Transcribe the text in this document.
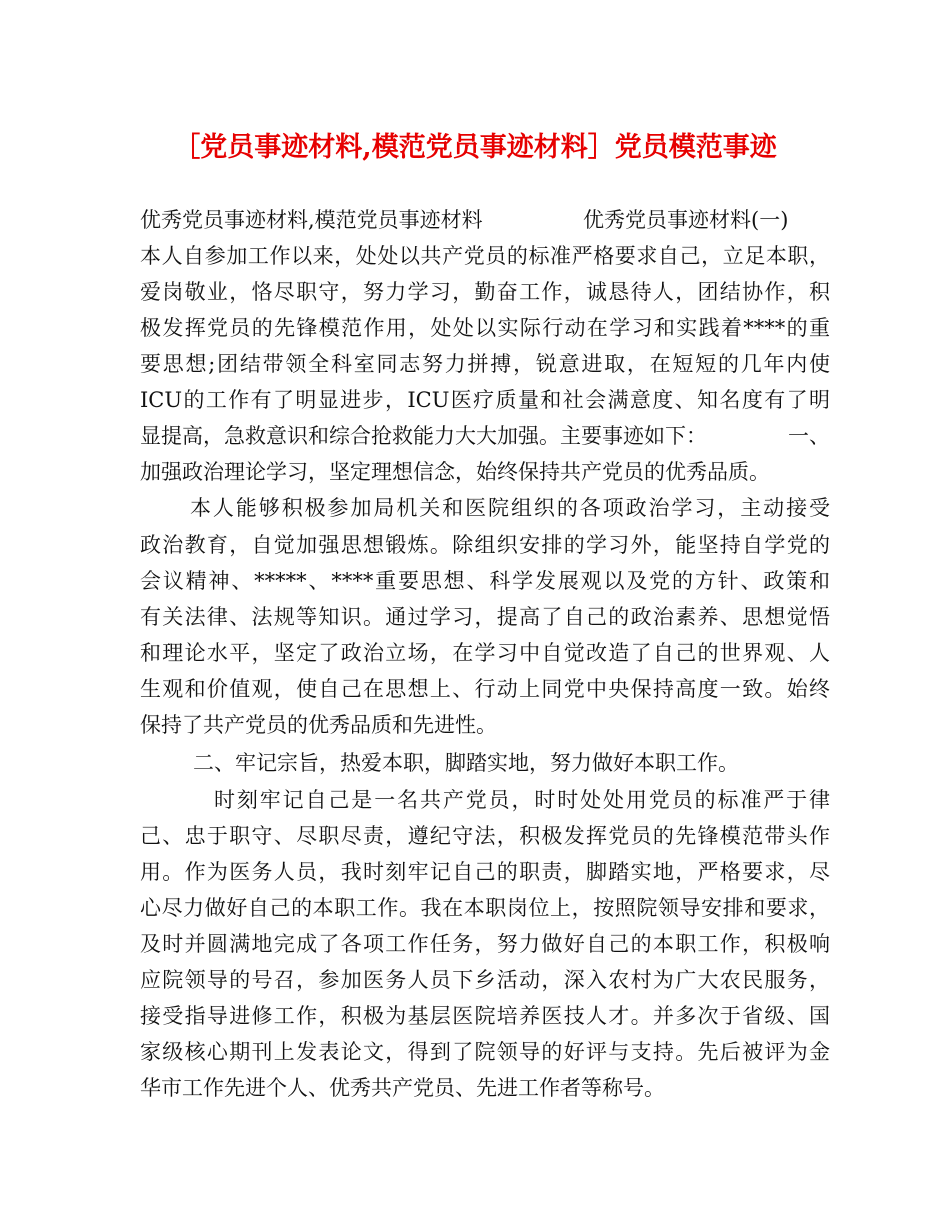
［党员事迹材料,模范党员事迹材料］党员模范事迹
优秀党员事迹材料,模范党员事迹材料	优秀党员事迹材料(一)
本人自参加工作以来，处处以共产党员的标准严格要求自己，立足本职，
爱岗敬业，恪尽职守，努力学习，勤奋工作，诚恳待人，团结协作，积
极发挥党员的先锋模范作用，处处以实际行动在学习和实践着****的重
要思想;团结带领全科室同志努力拼搏，锐意进取，在短短的几年内使
ICU的工作有了明显进步，ICU医疗质量和社会满意度、知名度有了明
显提高，急救意识和综合抢救能力大大加强。主要事迹如下：	一、
加强政治理论学习，坚定理想信念，始终保持共产党员的优秀品质。
本人能够积极参加局机关和医院组织的各项政治学习，主动接受
政治教育，自觉加强思想锻炼。除组织安排的学习外，能坚持自学党的
会议精神、*****、****重要思想、科学发展观以及党的方针、政策和
有关法律、法规等知识。通过学习，提高了自己的政治素养、思想觉悟
和理论水平，坚定了政治立场，在学习中自觉改造了自己的世界观、人
生观和价值观，使自己在思想上、行动上同党中央保持高度一致。始终
保持了共产党员的优秀品质和先进性。
二、牢记宗旨，热爱本职，脚踏实地，努力做好本职工作。
时刻牢记自己是一名共产党员，时时处处用党员的标准严于律
己、忠于职守、尽职尽责，遵纪守法，积极发挥党员的先锋模范带头作
用。作为医务人员，我时刻牢记自己的职责，脚踏实地，严格要求，尽
心尽力做好自己的本职工作。我在本职岗位上，按照院领导安排和要求，
及时并圆满地完成了各项工作任务，努力做好自己的本职工作，积极响
应院领导的号召，参加医务人员下乡活动，深入农村为广大农民服务，
接受指导进修工作，积极为基层医院培养医技人才。并多次于省级、国
家级核心期刊上发表论文，得到了院领导的好评与支持。先后被评为金
华市工作先进个人、优秀共产党员、先进工作者等称号。
